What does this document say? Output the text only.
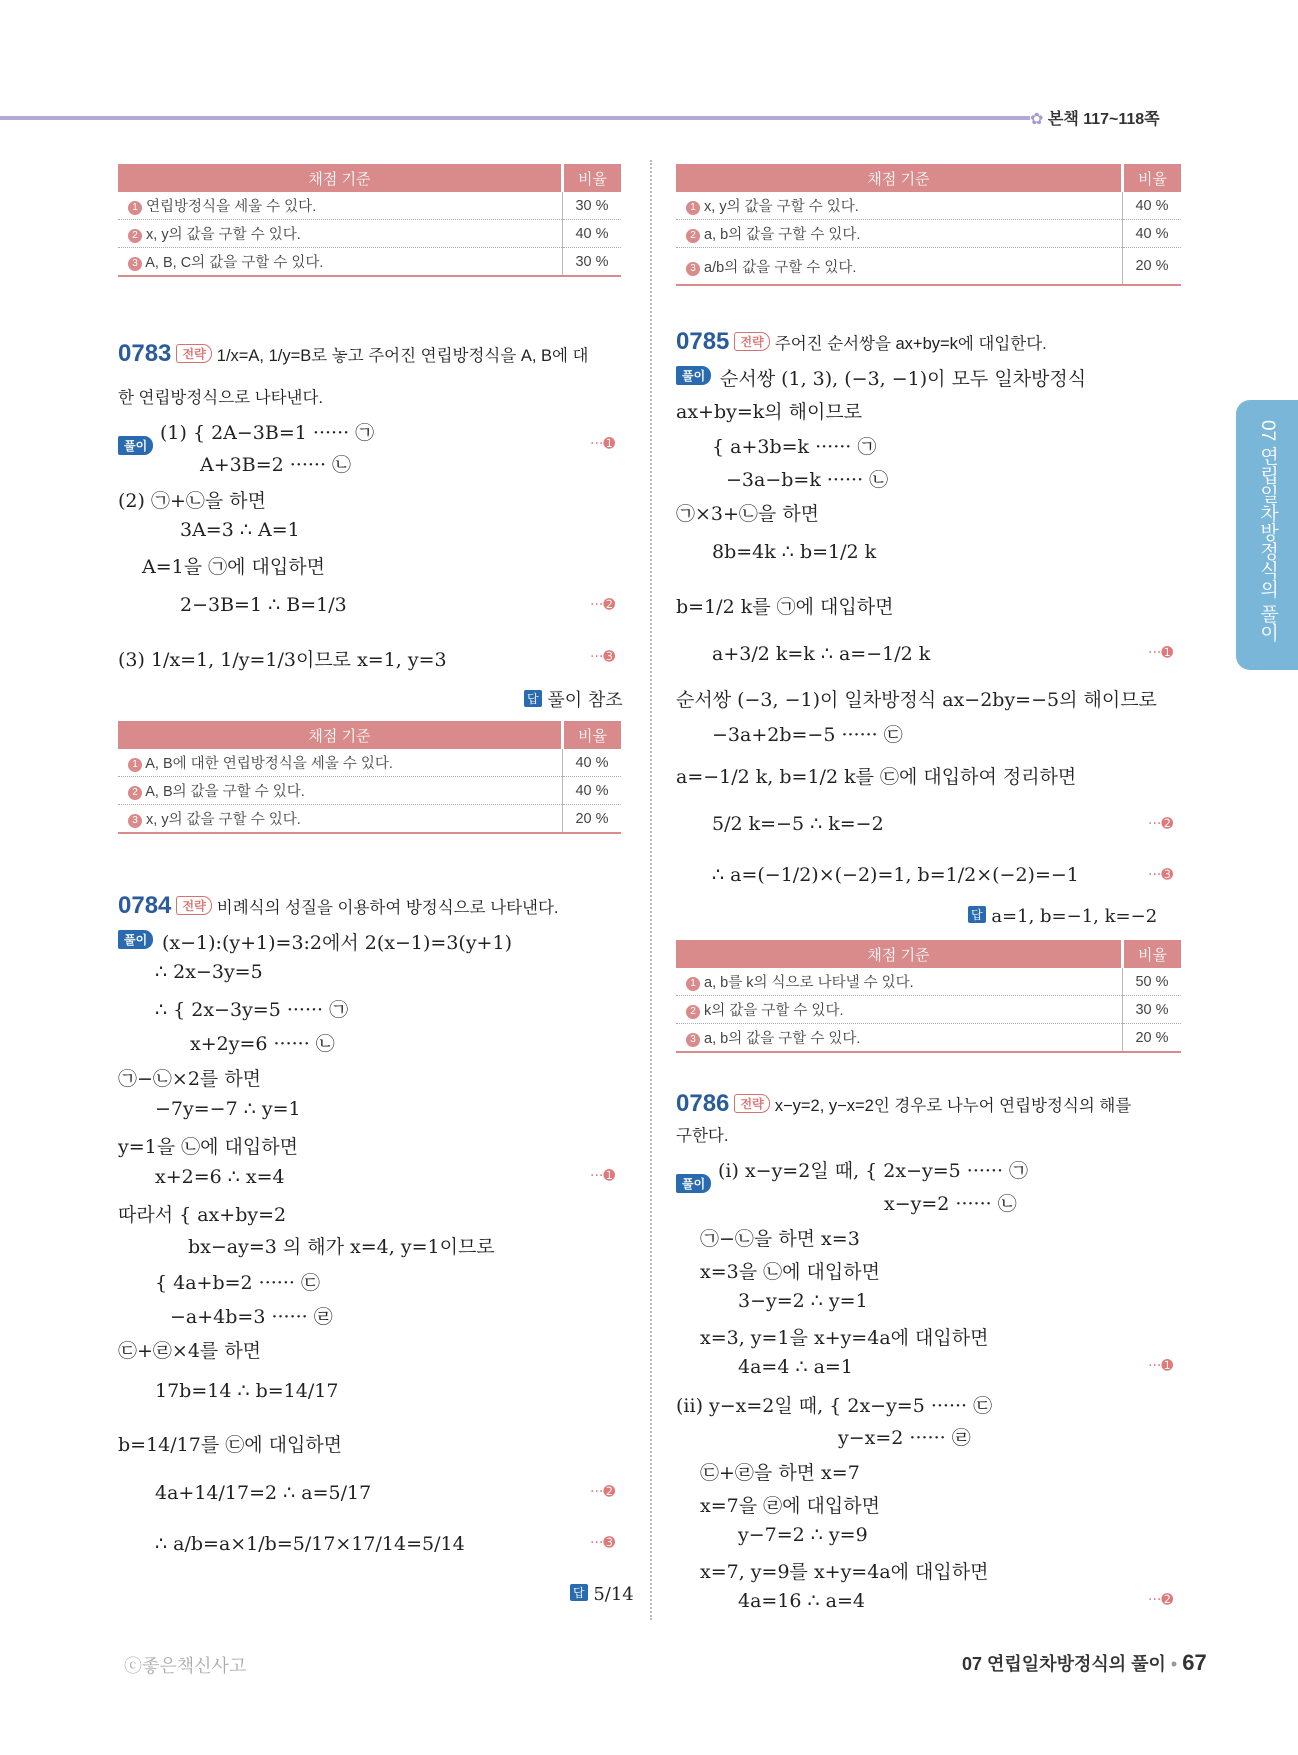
✿ 본책 117~118쪽
07 연립일차방정식의 풀이
채점 기준	비율
1 연립방정식을 세울 수 있다.	30 %
2 x, y의 값을 구할 수 있다.	40 %
3 A, B, C의 값을 구할 수 있다.	30 %
채점 기준	비율
1 x, y의 값을 구할 수 있다.	40 %
2 a, b의 값을 구할 수 있다.	40 %
3 a/b의 값을 구할 수 있다.	20 %
0783 전략 1/x=A, 1/y=B로 놓고 주어진 연립방정식을 A, B에 대
한 연립방정식으로 나타낸다.
풀이
(1) { 2A−3B=1 ······ ㉠
A+3B=2 ······ ㉡
(2) ㉠+㉡을 하면
3A=3 ∴ A=1
A=1을 ㉠에 대입하면
2−3B=1 ∴ B=1/3
(3) 1/x=1, 1/y=1/3이므로 x=1, y=3
···➊
···➋
···➌
답 풀이 참조
채점 기준	비율
1 A, B에 대한 연립방정식을 세울 수 있다.	40 %
2 A, B의 값을 구할 수 있다.	40 %
3 x, y의 값을 구할 수 있다.	20 %
0784 전략 비례식의 성질을 이용하여 방정식으로 나타낸다.
풀이 (x−1):(y+1)=3:2에서 2(x−1)=3(y+1)
∴ 2x−3y=5
∴ { 2x−3y=5 ······ ㉠
x+2y=6 ······ ㉡
㉠−㉡×2를 하면
−7y=−7 ∴ y=1
y=1을 ㉡에 대입하면
x+2=6 ∴ x=4
따라서 { ax+by=2
bx−ay=3 의 해가 x=4, y=1이므로
{ 4a+b=2 ······ ㉢
−a+4b=3 ······ ㉣
㉢+㉣×4를 하면
17b=14 ∴ b=14/17
b=14/17를 ㉢에 대입하면
4a+14/17=2 ∴ a=5/17
∴ a/b=a×1/b=5/17×17/14=5/14
···➊
···➋
···➌
답 5/14
0785 전략 주어진 순서쌍을 ax+by=k에 대입한다.
풀이 순서쌍 (1, 3), (−3, −1)이 모두 일차방정식
ax+by=k의 해이므로
{ a+3b=k ······ ㉠
−3a−b=k ······ ㉡
㉠×3+㉡을 하면
8b=4k ∴ b=1/2 k
b=1/2 k를 ㉠에 대입하면
a+3/2 k=k ∴ a=−1/2 k
순서쌍 (−3, −1)이 일차방정식 ax−2by=−5의 해이므로
−3a+2b=−5 ······ ㉢
a=−1/2 k, b=1/2 k를 ㉢에 대입하여 정리하면
5/2 k=−5 ∴ k=−2
∴ a=(−1/2)×(−2)=1, b=1/2×(−2)=−1
···➊
···➋
···➌
답 a=1, b=−1, k=−2
채점 기준	비율
1 a, b를 k의 식으로 나타낼 수 있다.	50 %
2 k의 값을 구할 수 있다.	30 %
3 a, b의 값을 구할 수 있다.	20 %
0786 전략 x−y=2, y−x=2인 경우로 나누어 연립방정식의 해를
구한다.
풀이
(i) x−y=2일 때, { 2x−y=5 ······ ㉠
x−y=2 ······ ㉡
㉠−㉡을 하면 x=3
x=3을 ㉡에 대입하면
3−y=2 ∴ y=1
x=3, y=1을 x+y=4a에 대입하면
4a=4 ∴ a=1
(ii) y−x=2일 때, { 2x−y=5 ······ ㉢
y−x=2 ······ ㉣
㉢+㉣을 하면 x=7
x=7을 ㉣에 대입하면
y−7=2 ∴ y=9
x=7, y=9를 x+y=4a에 대입하면
4a=16 ∴ a=4
···➊
···➋
ⓒ좋은책신사고	07 연립일차방정식의 풀이 • 67
